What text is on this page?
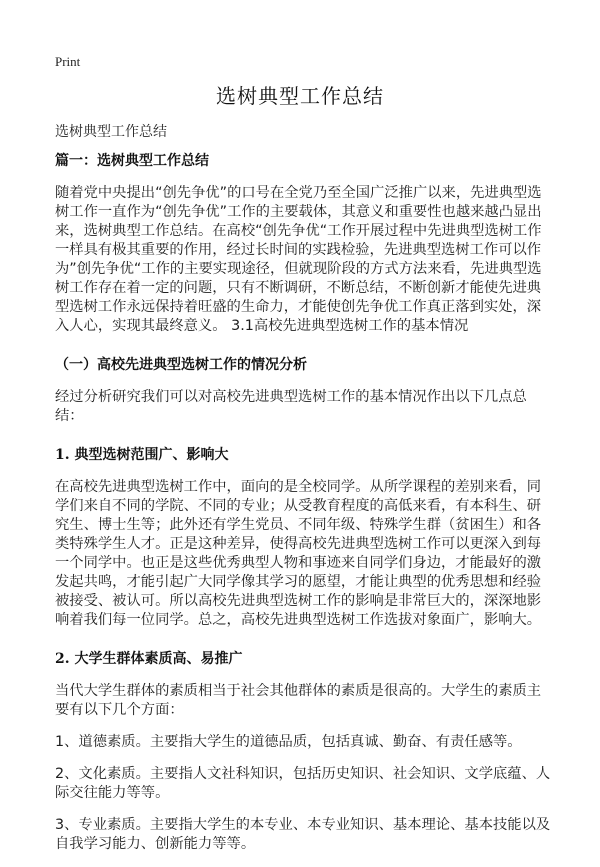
Print
选树典型工作总结
选树典型工作总结
篇一：选树典型工作总结

随着党中央提出“创先争优”的口号在全党乃至全国广泛推广以来，先进典型选树工作一直作为“创先争优”工作的主要载体，其意义和重要性也越来越凸显出来，选树典型工作总结。在高校“创先争优“工作开展过程中先进典型选树工作一样具有极其重要的作用，经过长时间的实践检验，先进典型选树工作可以作为”创先争优“工作的主要实现途径，但就现阶段的方式方法来看，先进典型选树工作存在着一定的问题，只有不断调研，不断总结，不断创新才能使先进典型选树工作永远保持着旺盛的生命力，才能使创先争优工作真正落到实处，深入人心，实现其最终意义。 3.1高校先进典型选树工作的基本情况

（一）高校先进典型选树工作的情况分析

经过分析研究我们可以对高校先进典型选树工作的基本情况作出以下几点总结：

1. 典型选树范围广、影响大

在高校先进典型选树工作中，面向的是全校同学。从所学课程的差别来看，同学们来自不同的学院、不同的专业；从受教育程度的高低来看，有本科生、研究生、博士生等；此外还有学生党员、不同年级、特殊学生群（贫困生）和各类特殊学生人才。正是这种差异，使得高校先进典型选树工作可以更深入到每一个同学中。也正是这些优秀典型人物和事迹来自同学们身边，才能最好的激发起共鸣，才能引起广大同学像其学习的愿望，才能让典型的优秀思想和经验被接受、被认可。所以高校先进典型选树工作的影响是非常巨大的，深深地影响着我们每一位同学。总之，高校先进典型选树工作选拔对象面广，影响大。

2. 大学生群体素质高、易推广

当代大学生群体的素质相当于社会其他群体的素质是很高的。大学生的素质主要有以下几个方面：

1、道德素质。主要指大学生的道德品质，包括真诚、勤奋、有责任感等。

2、文化素质。主要指人文社科知识，包括历史知识、社会知识、文学底蕴、人际交往能力等等。

3、专业素质。主要指大学生的本专业、本专业知识、基本理论、基本技能以及自我学习能力、创新能力等等。
